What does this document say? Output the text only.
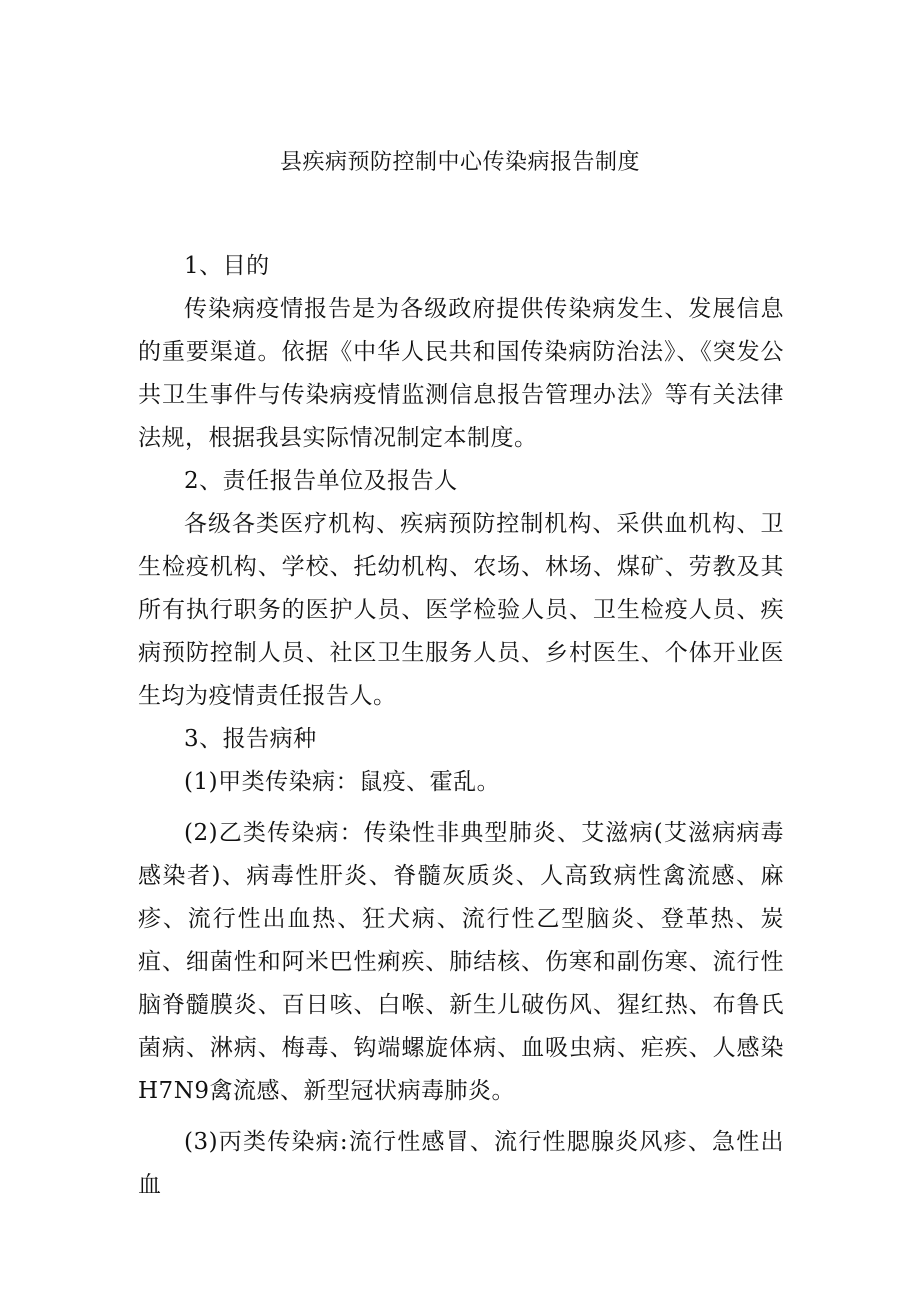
县疾病预防控制中心传染病报告制度

1、目的

传染病疫情报告是为各级政府提供传染病发生、发展信息的重要渠道。依据《中华人民共和国传染病防治法》、《突发公共卫生事件与传染病疫情监测信息报告管理办法》等有关法律法规，根据我县实际情况制定本制度。

2、责任报告单位及报告人

各级各类医疗机构、疾病预防控制机构、采供血机构、卫生检疫机构、学校、托幼机构、农场、林场、煤矿、劳教及其所有执行职务的医护人员、医学检验人员、卫生检疫人员、疾病预防控制人员、社区卫生服务人员、乡村医生、个体开业医生均为疫情责任报告人。

3、报告病种

(1)甲类传染病：鼠疫、霍乱。

(2)乙类传染病：传染性非典型肺炎、艾滋病(艾滋病病毒感染者)、病毒性肝炎、脊髓灰质炎、人高致病性禽流感、麻疹、流行性出血热、狂犬病、流行性乙型脑炎、登革热、炭疽、细菌性和阿米巴性痢疾、肺结核、伤寒和副伤寒、流行性脑脊髓膜炎、百日咳、白喉、新生儿破伤风、猩红热、布鲁氏菌病、淋病、梅毒、钩端螺旋体病、血吸虫病、疟疾、人感染H7N9禽流感、新型冠状病毒肺炎。

(3)丙类传染病:流行性感冒、流行性腮腺炎风疹、急性出血
